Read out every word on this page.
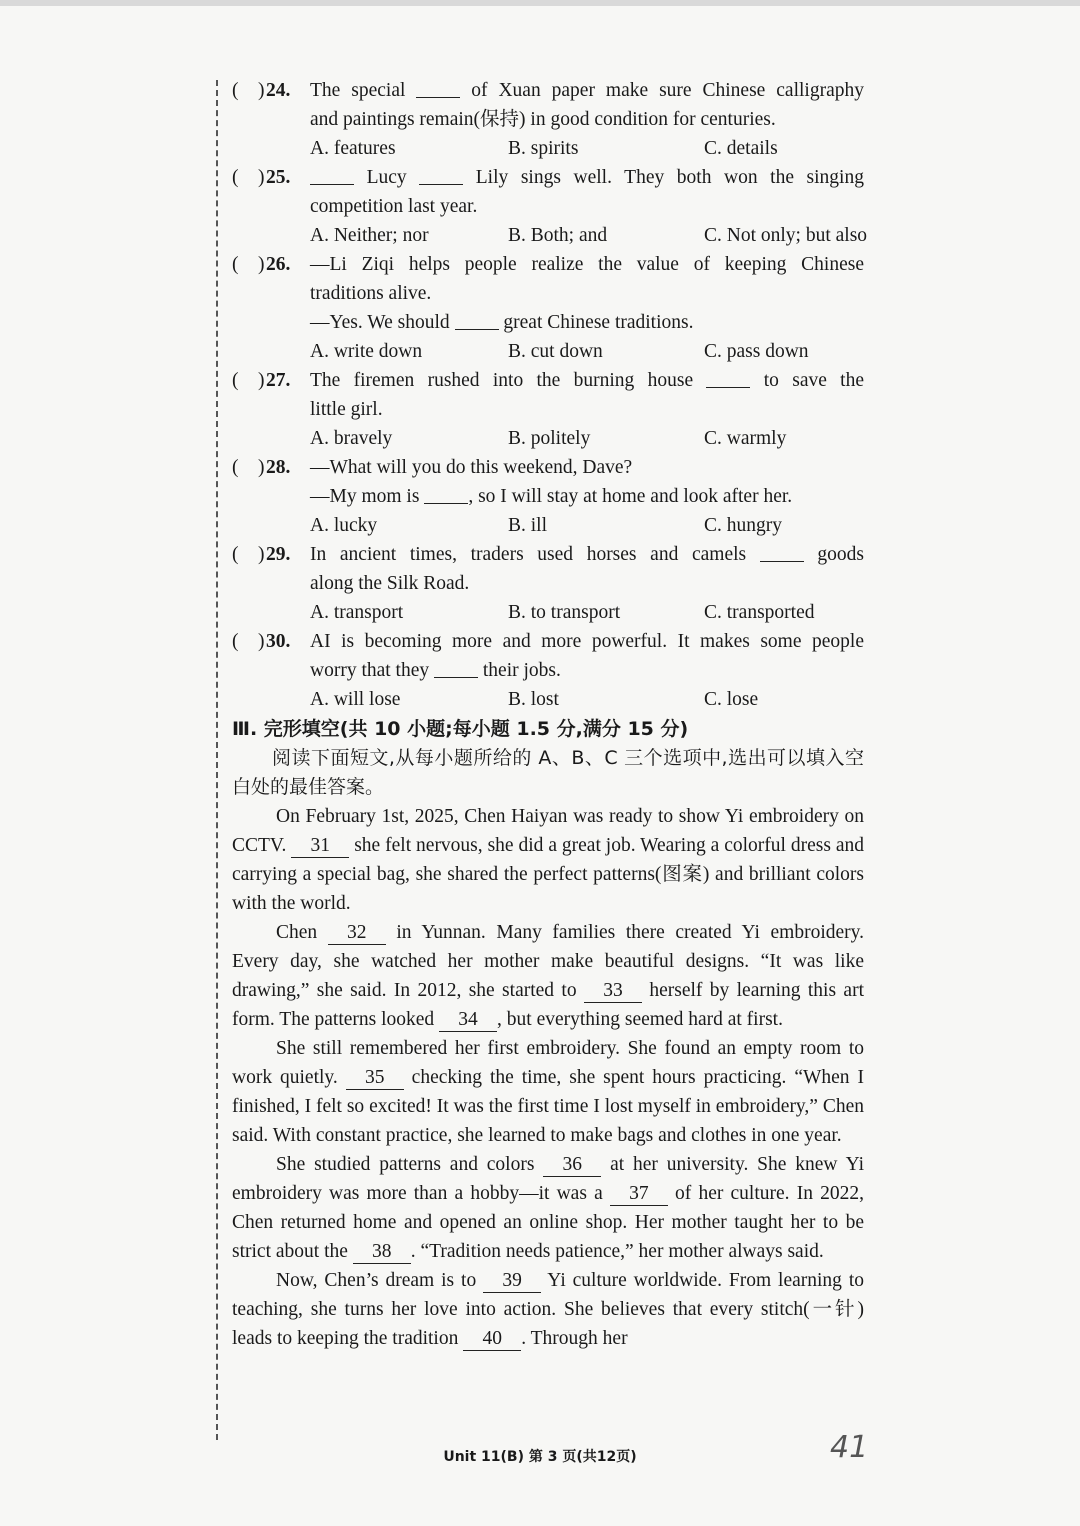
(    ) 24. The special  of Xuan paper make sure Chinese calligraphy
and paintings remain(保持) in good condition for centuries.
A. features	B. spirits	C. details
(    ) 25.	Lucy  Lily sings well. They both won the singing
competition last year.
A. Neither; nor	B. Both; and	C. Not only; but also
(    ) 26. —Li Ziqi helps people realize the value of keeping Chinese
traditions alive.
—Yes. We should  great Chinese traditions.
A. write down	B. cut down	C. pass down
(    ) 27. The firemen rushed into the burning house  to save the
little girl.
A. bravely	B. politely	C. warmly
(    ) 28. —What will you do this weekend, Dave?
—My mom is , so I will stay at home and look after her.
A. lucky	B. ill	C. hungry
(    ) 29. In ancient times, traders used horses and camels  goods
along the Silk Road.
A. transport	B. to transport	C. transported
(    ) 30. AI is becoming more and more powerful. It makes some people
worry that they  their jobs.
A. will lose	B. lost	C. lose
Ⅲ. 完形填空(共 10 小题;每小题 1.5 分,满分 15 分)
阅读下面短文,从每小题所给的 A、B、C 三个选项中,选出可以填入空白处的最佳答案。
On February 1st, 2025, Chen Haiyan was ready to show Yi embroidery on CCTV. 31 she felt nervous, she did a great job. Wearing a colorful dress and carrying a special bag, she shared the perfect patterns(图案) and brilliant colors with the world.
Chen 32 in Yunnan. Many families there created Yi embroidery. Every day, she watched her mother make beautiful designs. “It was like drawing,” she said. In 2012, she started to 33 herself by learning this art form. The patterns looked 34 , but everything seemed hard at first.
She still remembered her first embroidery. She found an empty room to work quietly. 35 checking the time, she spent hours practicing. “When I finished, I felt so excited! It was the first time I lost myself in embroidery,” Chen said. With constant practice, she learned to make bags and clothes in one year.
She studied patterns and colors 36 at her university. She knew Yi embroidery was more than a hobby—it was a 37 of her culture. In 2022, Chen returned home and opened an online shop. Her mother taught her to be strict about the 38 . “Tradition needs patience,” her mother always said.
Now, Chen’s dream is to 39 Yi culture worldwide. From learning to teaching, she turns her love into action. She believes that every stitch(一针) leads to keeping the tradition 40 . Through her
Unit 11(B) 第 3 页(共12页)	41
